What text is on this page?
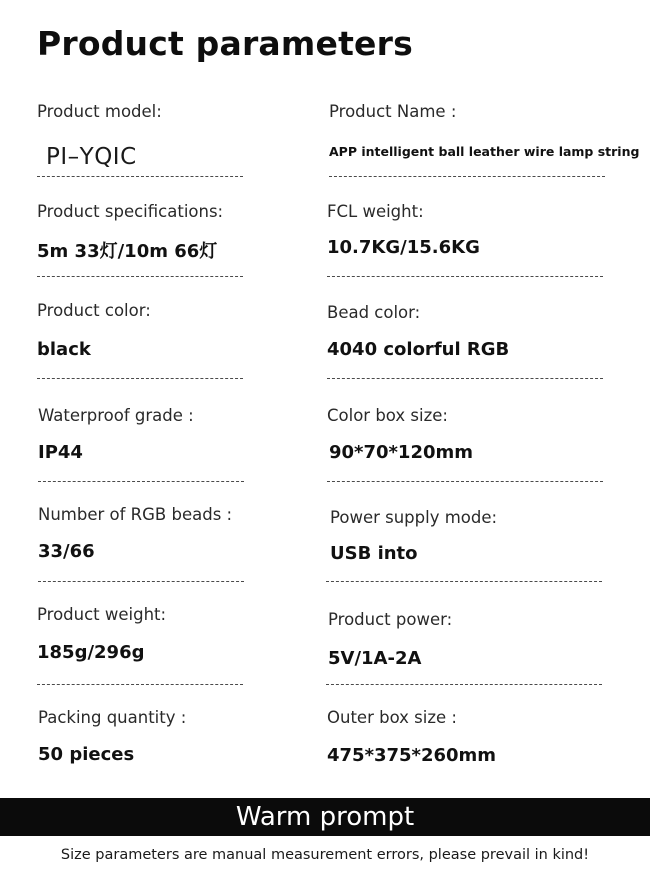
Product parameters
Product model:
PI–YQIC
Product Name :
APP intelligent ball leather wire lamp string
Product specifications:
5m 33灯/10m 66灯
FCL weight:
10.7KG/15.6KG
Product color:
black
Bead color:
4040 colorful RGB
Waterproof grade :
IP44
Color box size:
90*70*120mm
Number of RGB beads :
33/66
Power supply mode:
USB into
Product weight:
185g/296g
Product power:
5V/1A-2A
Packing quantity :
50 pieces
Outer box size :
475*375*260mm
Warm prompt
Size parameters are manual measurement errors, please prevail in kind!
